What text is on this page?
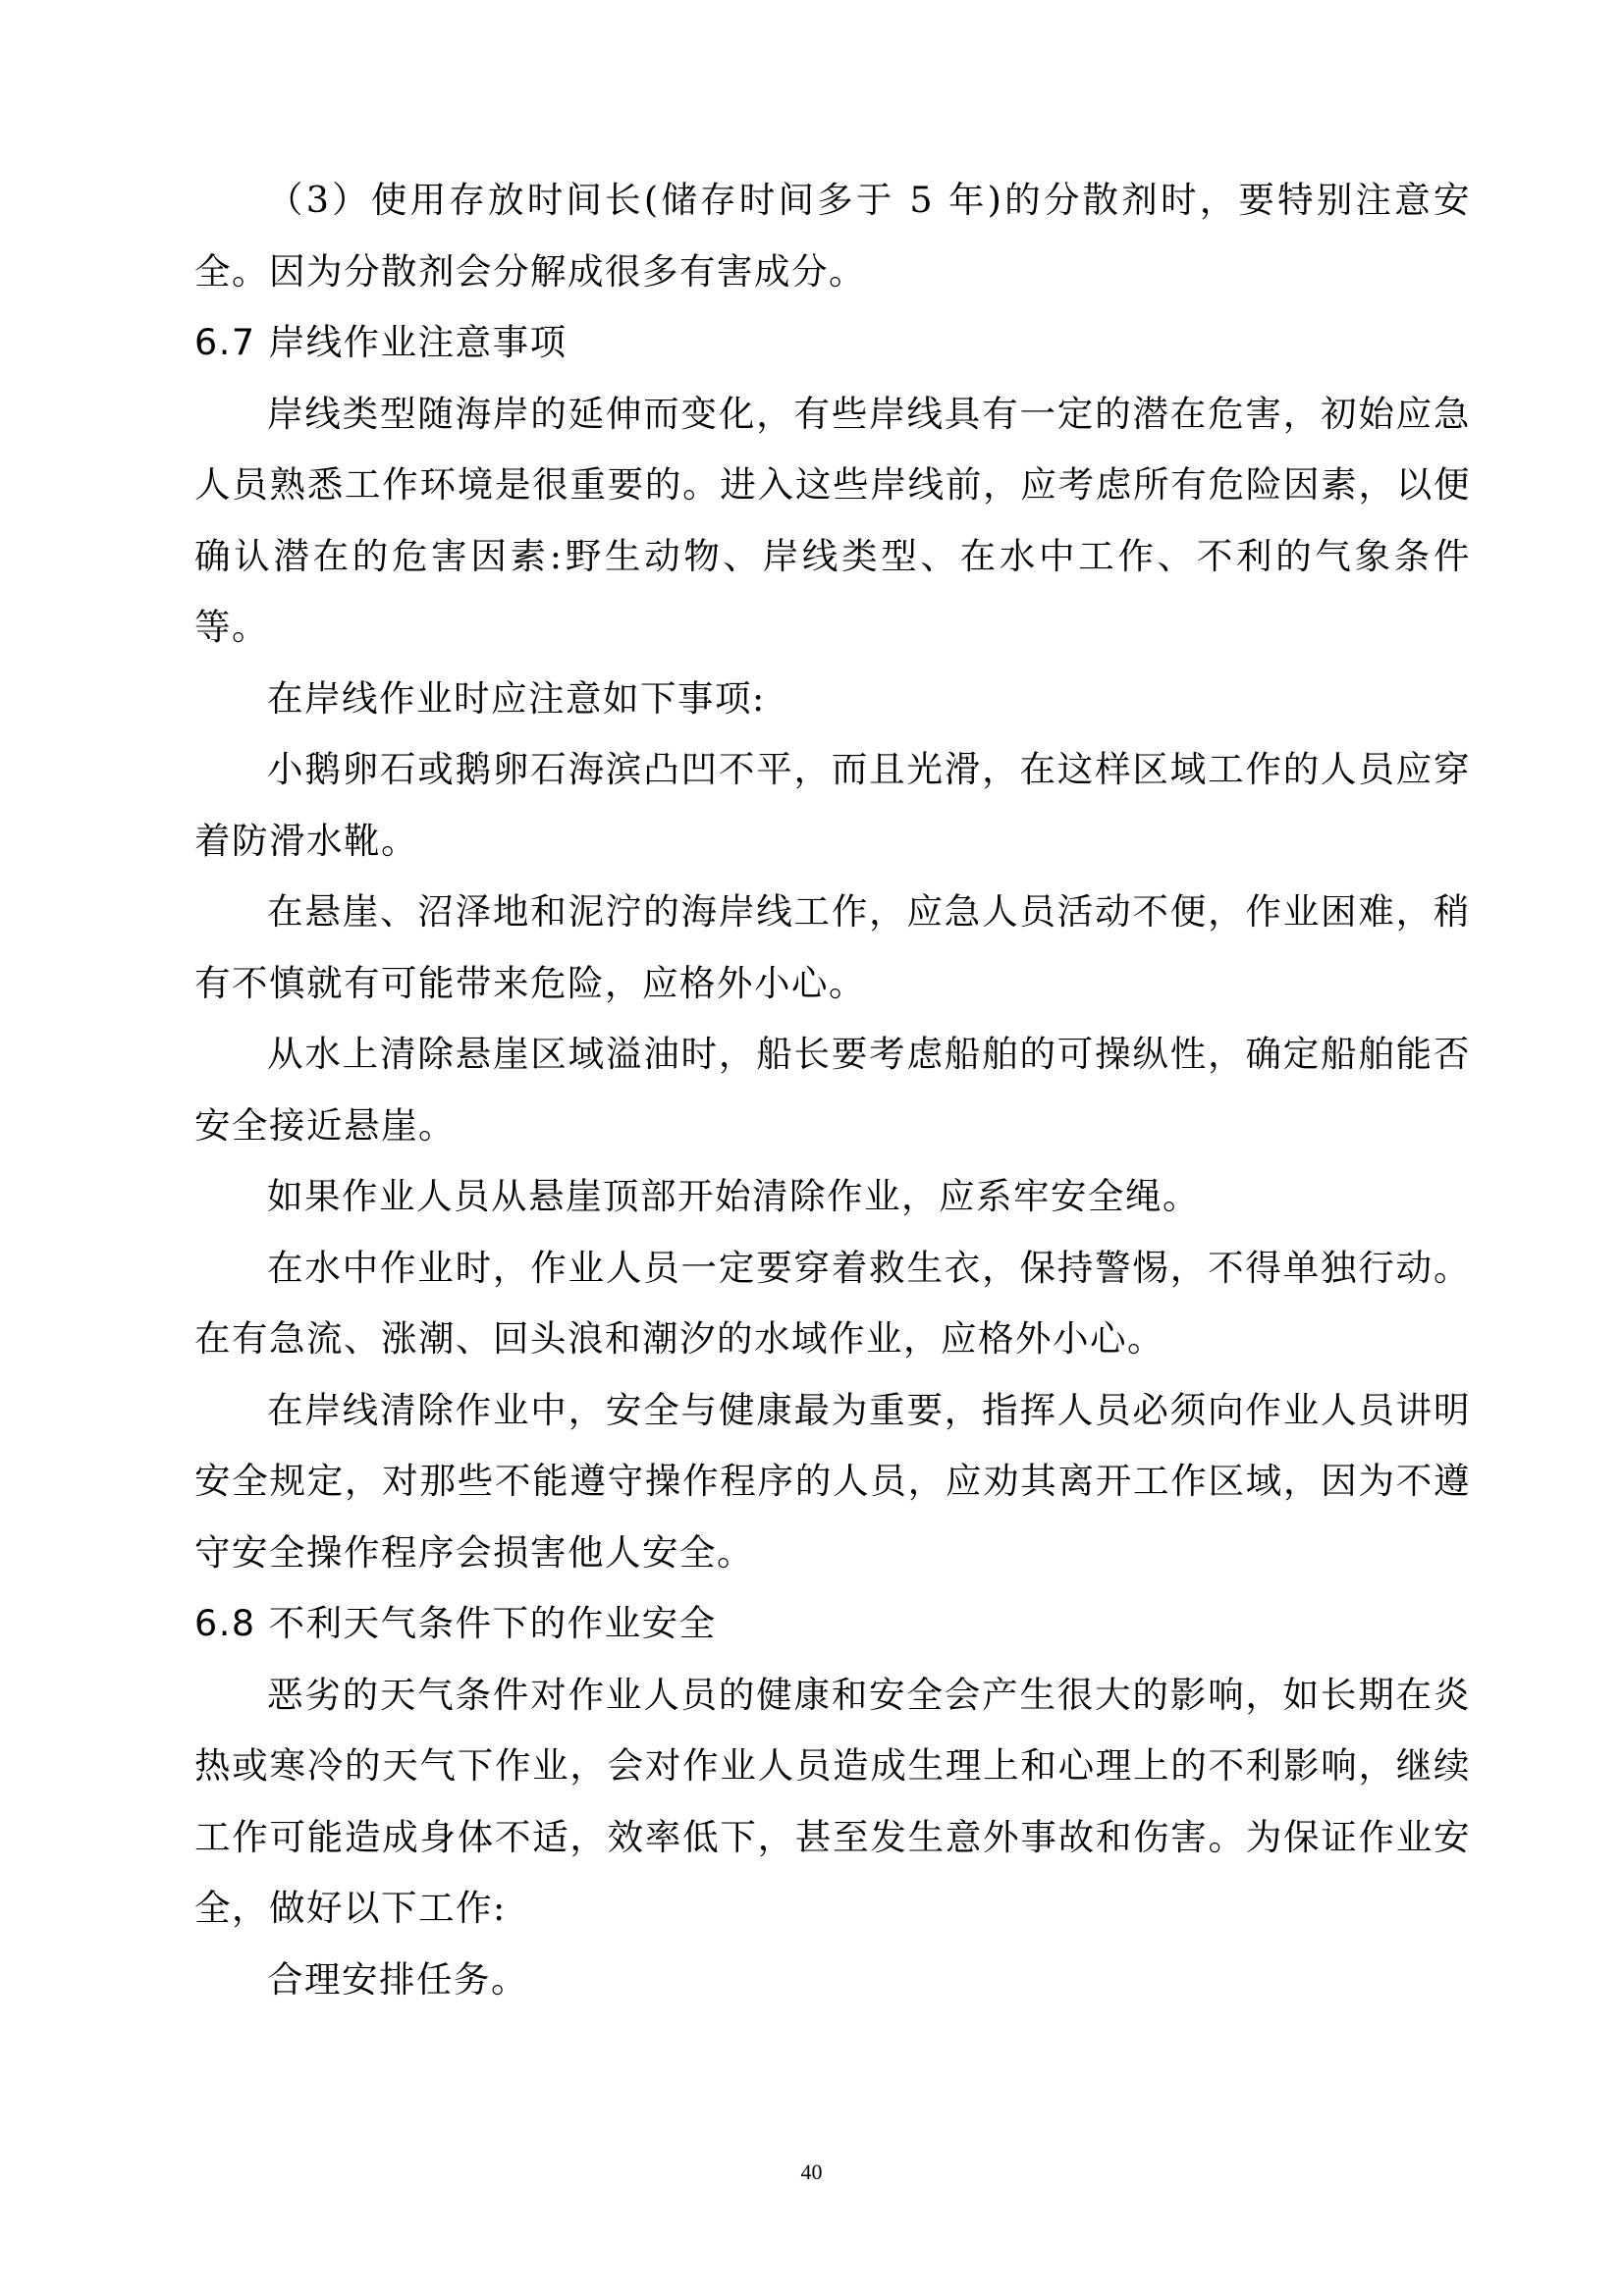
（3）使用存放时间长(储存时间多于 5 年)的分散剂时，要特别注意安全。因为分散剂会分解成很多有害成分。

6.7 岸线作业注意事项

岸线类型随海岸的延伸而变化，有些岸线具有一定的潜在危害，初始应急人员熟悉工作环境是很重要的。进入这些岸线前，应考虑所有危险因素，以便确认潜在的危害因素:野生动物、岸线类型、在水中工作、不利的气象条件等。

在岸线作业时应注意如下事项:

小鹅卵石或鹅卵石海滨凸凹不平，而且光滑，在这样区域工作的人员应穿着防滑水靴。

在悬崖、沼泽地和泥泞的海岸线工作，应急人员活动不便，作业困难，稍有不慎就有可能带来危险，应格外小心。

从水上清除悬崖区域溢油时，船长要考虑船舶的可操纵性，确定船舶能否安全接近悬崖。

如果作业人员从悬崖顶部开始清除作业，应系牢安全绳。

在水中作业时，作业人员一定要穿着救生衣，保持警惕，不得单独行动。在有急流、涨潮、回头浪和潮汐的水域作业，应格外小心。

在岸线清除作业中，安全与健康最为重要，指挥人员必须向作业人员讲明安全规定，对那些不能遵守操作程序的人员，应劝其离开工作区域，因为不遵守安全操作程序会损害他人安全。

6.8 不利天气条件下的作业安全

恶劣的天气条件对作业人员的健康和安全会产生很大的影响，如长期在炎热或寒冷的天气下作业，会对作业人员造成生理上和心理上的不利影响，继续工作可能造成身体不适，效率低下，甚至发生意外事故和伤害。为保证作业安全，做好以下工作:

合理安排任务。

40
